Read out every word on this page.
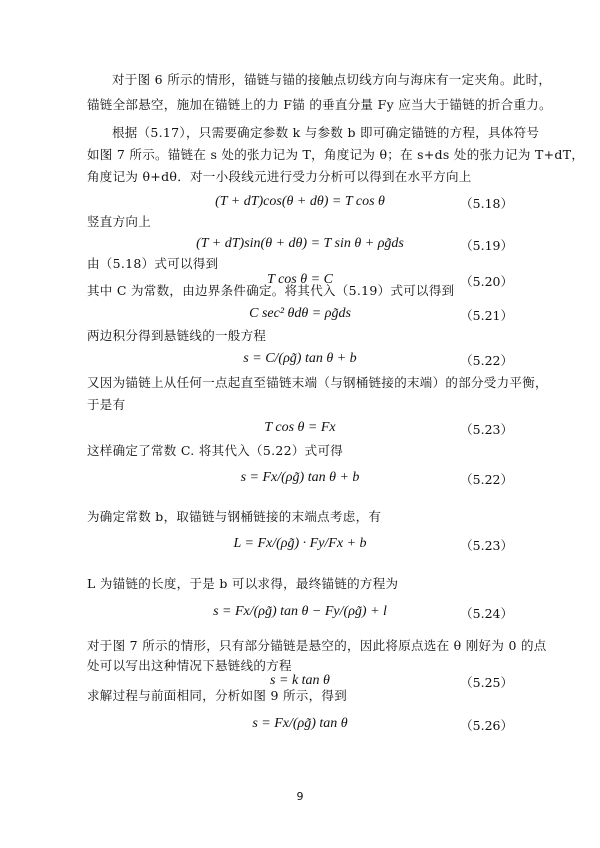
对于图 6 所示的情形，锚链与锚的接触点切线方向与海床有一定夹角。此时，
锚链全部悬空，施加在锚链上的力 F锚 的垂直分量 Fy 应当大于锚链的折合重力。
根据（5.17），只需要确定参数 k 与参数 b 即可确定锚链的方程，具体符号
如图 7 所示。锚链在 s 处的张力记为 T，角度记为 θ；在 s+ds 处的张力记为 T+dT，
角度记为 θ+dθ．对一小段线元进行受力分析可以得到在水平方向上
(T + dT)cos(θ + dθ) = T cos θ	（5.18）
竖直方向上
(T + dT)sin(θ + dθ) = T sin θ + ρg̃ds	（5.19）
由（5.18）式可以得到
T cos θ = C	（5.20）
其中 C 为常数，由边界条件确定。将其代入（5.19）式可以得到
C sec² θdθ = ρg̃ds	（5.21）
两边积分得到悬链线的一般方程
s = C/(ρg̃) tan θ + b	（5.22）
又因为锚链上从任何一点起直至锚链末端（与钢桶链接的末端）的部分受力平衡，
于是有
T cos θ = Fx	（5.23）
这样确定了常数 C. 将其代入（5.22）式可得
s = Fx/(ρg̃) tan θ + b	（5.22）
为确定常数 b，取锚链与钢桶链接的末端点考虑，有
L = Fx/(ρg̃) · Fy/Fx + b	（5.23）
L 为锚链的长度，于是 b 可以求得，最终锚链的方程为
s = Fx/(ρg̃) tan θ − Fy/(ρg̃) + l	（5.24）
对于图 7 所示的情形，只有部分锚链是悬空的，因此将原点选在 θ 刚好为 0 的点
处可以写出这种情况下悬链线的方程
s = k tan θ	（5.25）
求解过程与前面相同，分析如图 9 所示，得到
s = Fx/(ρg̃) tan θ	（5.26）
9
